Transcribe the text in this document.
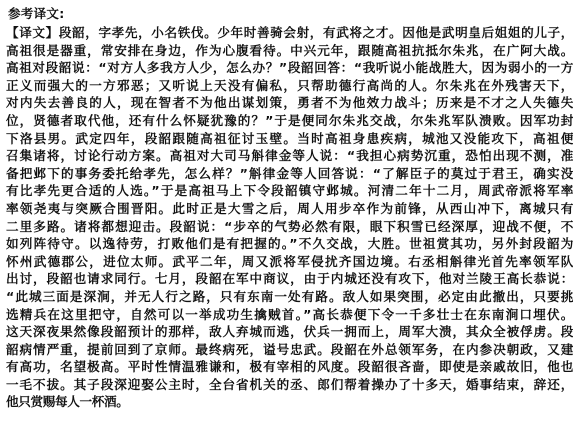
参考译文:
【译文】段韶，字孝先，小名铁伐。少年时善骑会射，有武将之才。因他是武明皇后姐姐的儿子，
高祖很是器重，常安排在身边，作为心腹看待。中兴元年，跟随高祖抗抵尔朱兆，在广阿大战。
高祖对段韶说：“对方人多我方人少，怎么办？”段韶回答：“我听说小能战胜大，因为弱小的一方
正义而强大的一方邪恶；又听说上天没有偏私，只帮助德行高尚的人。尔朱兆在外残害天下，
对内失去善良的人，现在智者不为他出谋划策，勇者不为他效力战斗；历来是不才之人失德失
位，贤德者取代他，还有什么怀疑犹豫的？”于是便同尔朱兆交战，尔朱兆军队溃败。因军功封
下洛县男。武定四年，段韶跟随高祖征讨玉壁。当时高祖身患疾病，城池又没能攻下，高祖便
召集诸将，讨论行动方案。高祖对大司马斛律金等人说：“我担心病势沉重，恐怕出现不测，准
备把邺下的事务委托给孝先，怎么样？”斛律金等人回答说：“了解臣子的莫过于君王，确实没
有比孝先更合适的人选。”于是高祖马上下令段韶镇守邺城。河清二年十二月，周武帝派将军率
率领尧夷与突厥合围晋阳。此时正是大雪之后，周人用步卒作为前锋，从西山冲下，离城只有
二里多路。诸将都想迎击。段韶说：“步卒的气势必然有限，眼下积雪已经深厚，迎战不便，不
如列阵待守。以逸待劳，打败他们是有把握的。”不久交战，大胜。世祖赏其功，另外封段韶为
怀州武德郡公，进位太师。武平二年，周又派将军侵扰齐国边境。右丞相斛律光首先率领军队
出讨，段韶也请求同行。七月，段韶在军中商议，由于内城还没有攻下，他对兰陵王高长恭说：
“此城三面是深涧，并无人行之路，只有东南一处有路。敌人如果突围，必定由此撤出，只要挑
选精兵在这里把守，自然可以一举成功生擒贼首。”高长恭便下令一千多壮士在东南涧口埋伏。
这天深夜果然像段韶预计的那样，敌人弃城而逃，伏兵一拥而上，周军大溃，其众全被俘虏。段
韶病情严重，提前回到了京师。最终病死，谥号忠武。段韶在外总领军务，在内参决朝政，又建
有高功，名望极高。平时性情温雅谦和，极有宰相的风度。段韶很吝啬，即使是亲戚故旧，他也
一毛不拔。其子段深迎娶公主时，全台省机关的丞、郎们帮着操办了十多天，婚事结束，辞还，
他只赏赐每人一杯酒。
